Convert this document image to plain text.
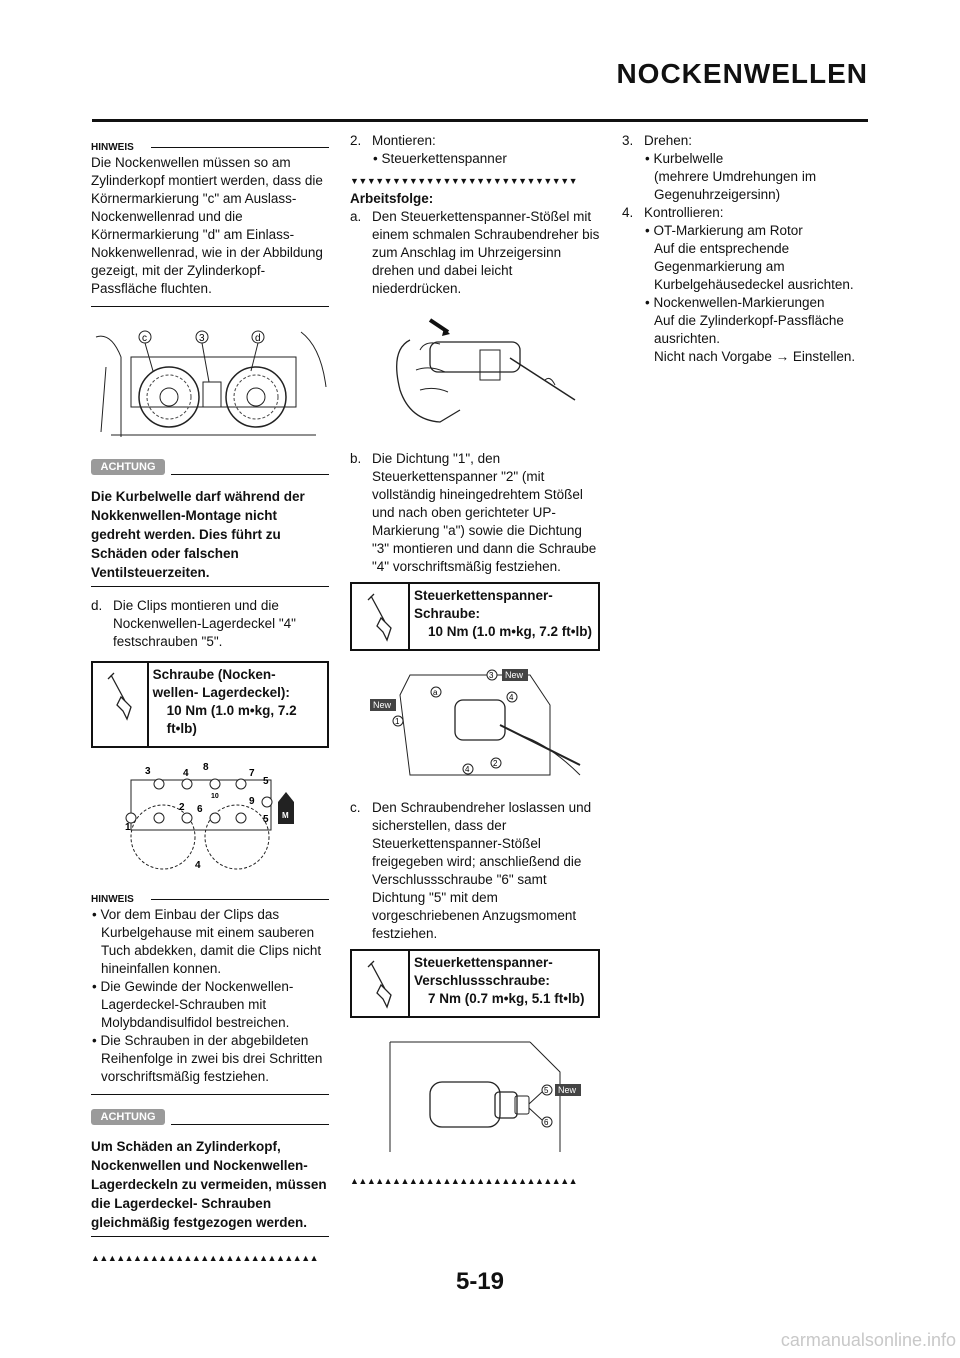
NOCKENWELLEN
HINWEIS
Die Nockenwellen müssen so am Zylinderkopf montiert werden, dass die Körnermarkierung "c" am Auslass-Nockenwellenrad und die Körnermarkierung "d" am Einlass- Nokkenwellenrad, wie in der Abbildung gezeigt, mit der Zylinderkopf- Passfläche fluchten.
c	3	d
ACHTUNG
Die Kurbelwelle darf während der Nokkenwellen-Montage nicht gedreht werden. Dies führt zu Schäden oder falschen Ventilsteuerzeiten.
d. Die Clips montieren und die Nockenwellen-Lagerdeckel "4" festschrauben "5".
Schraube (Nocken-
wellen- Lagerdeckel):
10 Nm (1.0 m•kg, 7.2 ft•lb)
M
3	4
8
7
5
10	9
2 6
1
5
4
HINWEIS
• Vor dem Einbau der Clips das Kurbelgehause mit einem sauberen Tuch abdekken, damit die Clips nicht hineinfallen konnen.
• Die Gewinde der Nockenwellen-Lagerdeckel-Schrauben mit Molybdandisulfidol bestreichen.
• Die Schrauben in der abgebildeten Reihenfolge in zwei bis drei Schritten vorschriftsmäßig festziehen.
ACHTUNG
Um Schäden an Zylinderkopf, Nockenwellen und Nockenwellen-Lagerdeckeln zu vermeiden, müssen die Lagerdeckel- Schrauben gleichmäßig festgezogen werden.
▲▲▲▲▲▲▲▲▲▲▲▲▲▲▲▲▲▲▲▲▲▲▲▲▲▲▲
2. Montieren:
• Steuerkettenspanner
▼▼▼▼▼▼▼▼▼▼▼▼▼▼▼▼▼▼▼▼▼▼▼▼▼▼▼
Arbeitsfolge:
a. Den Steuerkettenspanner-Stößel mit einem schmalen Schraubendreher bis zum Anschlag im Uhrzeigersinn drehen und dabei leicht niederdrücken.
b. Die Dichtung "1", den Steuerkettenspanner "2" (mit vollständig hineingedrehtem Stößel und nach oben gerichteter UP-Markierung "a") sowie die Dichtung "3" montieren und dann die Schraube "4" vorschriftsmäßig festziehen.
Steuerkettenspanner-
Schraube:
10 Nm (1.0 m•kg, 7.2 ft•lb)
New
New
3
a
4
1
4
2
c. Den Schraubendreher loslassen und sicherstellen, dass der Steuerkettenspanner-Stößel freigegeben wird; anschließend die Verschlussschraube "6" samt Dichtung "5" mit dem vorgeschriebenen Anzugsmoment festziehen.
Steuerkettenspanner-
Verschlussschraube:
7 Nm (0.7 m•kg, 5.1 ft•lb)
5
6
New
▲▲▲▲▲▲▲▲▲▲▲▲▲▲▲▲▲▲▲▲▲▲▲▲▲▲▲
3. Drehen:
• Kurbelwelle
(mehrere Umdrehungen im Gegenuhrzeigersinn)
4. Kontrollieren:
• OT-Markierung am Rotor
Auf die entsprechende Gegenmarkierung am Kurbelgehäusedeckel ausrichten.
• Nockenwellen-Markierungen
Auf die Zylinderkopf-Passfläche ausrichten.
Nicht nach Vorgabe → Einstellen.
5-19
carmanualsonline.info
